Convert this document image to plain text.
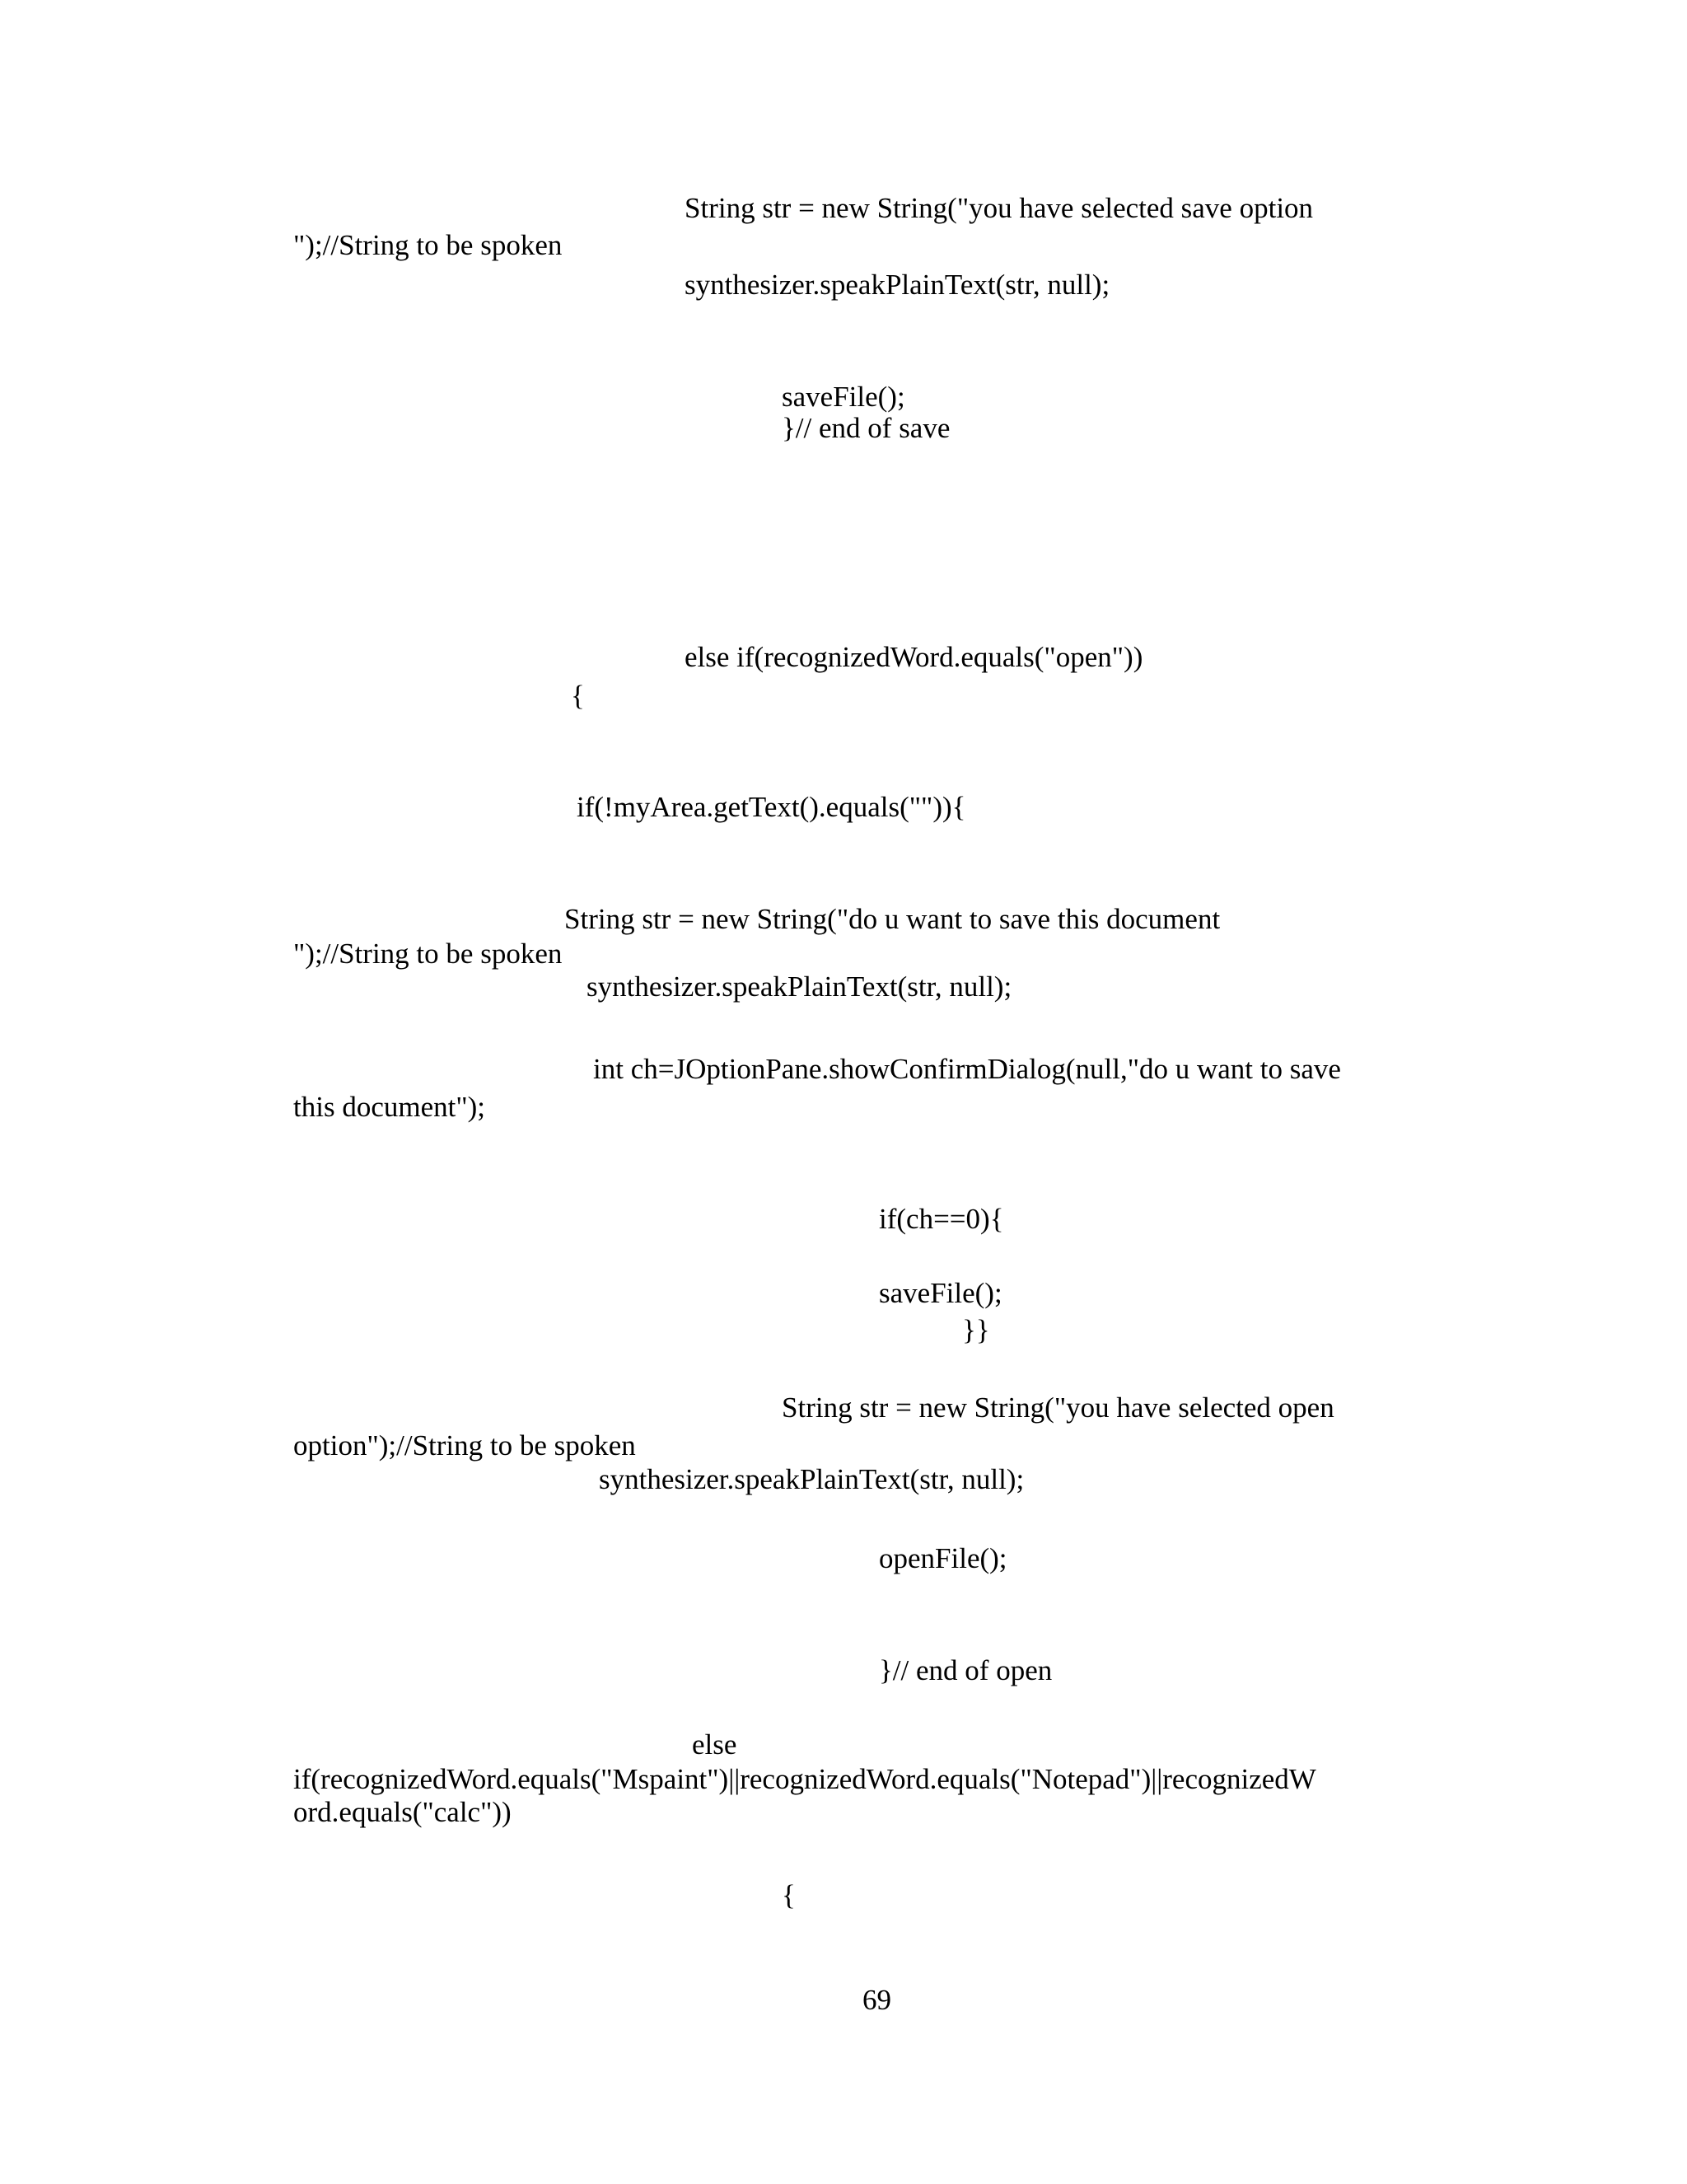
String str = new String("you have selected save option

");//String to be spoken

synthesizer.speakPlainText(str, null);

saveFile();

}// end of save

else if(recognizedWord.equals("open"))

{

if(!myArea.getText().equals("")){

String str = new String("do u want to save this document

");//String to be spoken

synthesizer.speakPlainText(str, null);

int ch=JOptionPane.showConfirmDialog(null,"do u want to save

this document");

if(ch==0){

saveFile();

}}

String str = new String("you have selected open

option");//String to be spoken

synthesizer.speakPlainText(str, null);

openFile();

}// end of open

else

if(recognizedWord.equals("Mspaint")||recognizedWord.equals("Notepad")||recognizedW

ord.equals("calc"))

{

69
